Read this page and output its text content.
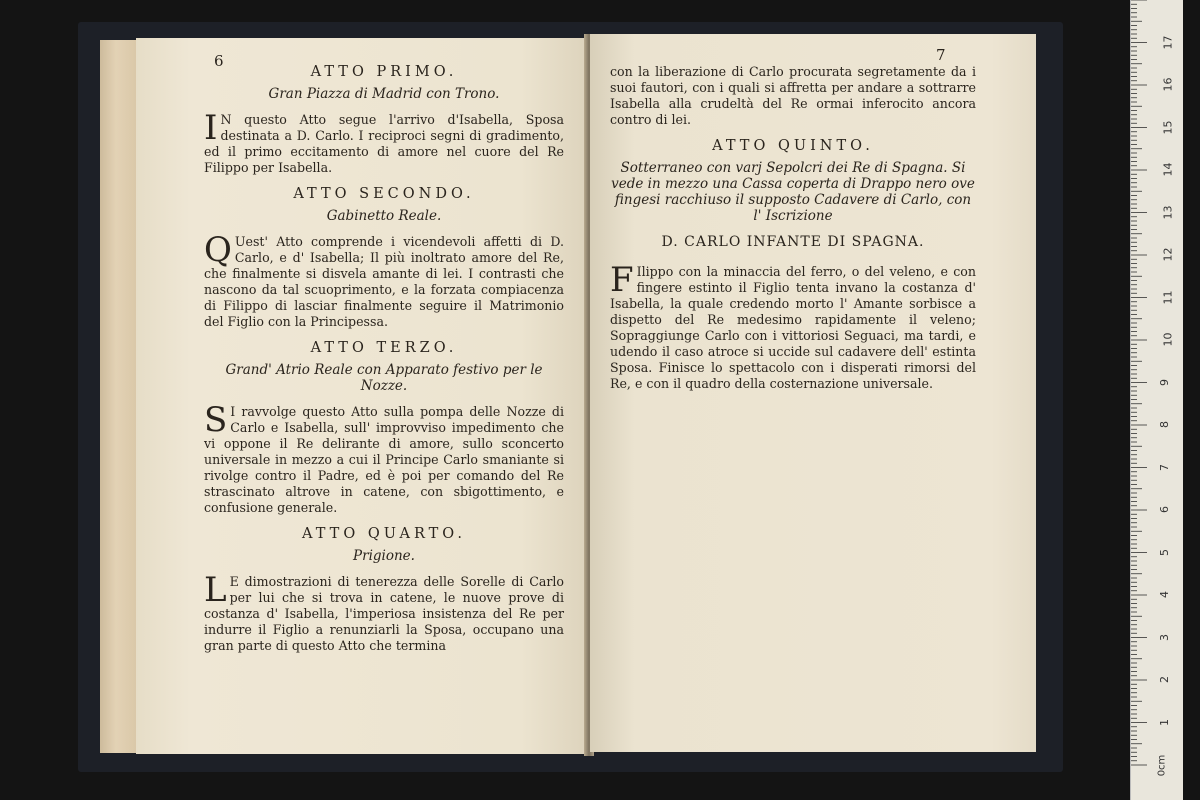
6
ATTO PRIMO.
Gran Piazza di Madrid con Trono.

I N questo Atto segue l'arrivo d'Isabella, Sposa destinata a D. Carlo. I reciproci segni di gradimento, ed il primo eccitamento di amore nel cuore del Re Filippo per Isabella.

ATTO SECONDO.
Gabinetto Reale.

Q Uest' Atto comprende i vicendevoli affetti di D. Carlo, e d' Isabella; Il più inoltrato amore del Re, che finalmente si disvela amante di lei. I contrasti che nascono da tal scuoprimento, e la forzata compiacenza di Filippo di lasciar finalmente seguire il Matrimonio del Figlio con la Principessa.

ATTO TERZO.
Grand' Atrio Reale con Apparato festivo per le Nozze.

S I ravvolge questo Atto sulla pompa delle Nozze di Carlo e Isabella, sull' improvviso impedimento che vi oppone il Re delirante di amore, sullo sconcerto universale in mezzo a cui il Principe Carlo smaniante si rivolge contro il Padre, ed è poi per comando del Re strascinato altrove in catene, con sbigottimento, e confusione generale.

ATTO QUARTO.
Prigione.

L E dimostrazioni di tenerezza delle Sorelle di Carlo per lui che si trova in catene, le nuove prove di costanza d' Isabella, l'imperiosa insistenza del Re per indurre il Figlio a renunziarli la Sposa, occupano una gran parte di questo Atto che termina

7

con la liberazione di Carlo procurata segretamente da i suoi fautori, con i quali si affretta per andare a sottrarre Isabella alla crudeltà del Re ormai inferocito ancora contro di lei.

ATTO QUINTO.
Sotterraneo con varj Sepolcri dei Re di Spagna. Si vede in mezzo una Cassa coperta di Drappo nero ove fingesi racchiuso il supposto Cadavere di Carlo, con l' Iscrizione
D. CARLO INFANTE DI SPAGNA.

F Ilippo con la minaccia del ferro, o del veleno, e con fingere estinto il Figlio tenta invano la costanza d' Isabella, la quale credendo morto l' Amante sorbisce a dispetto del Re medesimo rapidamente il veleno; Sopraggiunge Carlo con i vittoriosi Seguaci, ma tardi, e udendo il caso atroce si uccide sul cadavere dell' estinta Sposa. Finisce lo spettacolo con i disperati rimorsi del Re, e con il quadro della costernazione universale.

1
2
3
4
5
6
7
8
9
10
11
12
13
14
15
16
17
0cm
